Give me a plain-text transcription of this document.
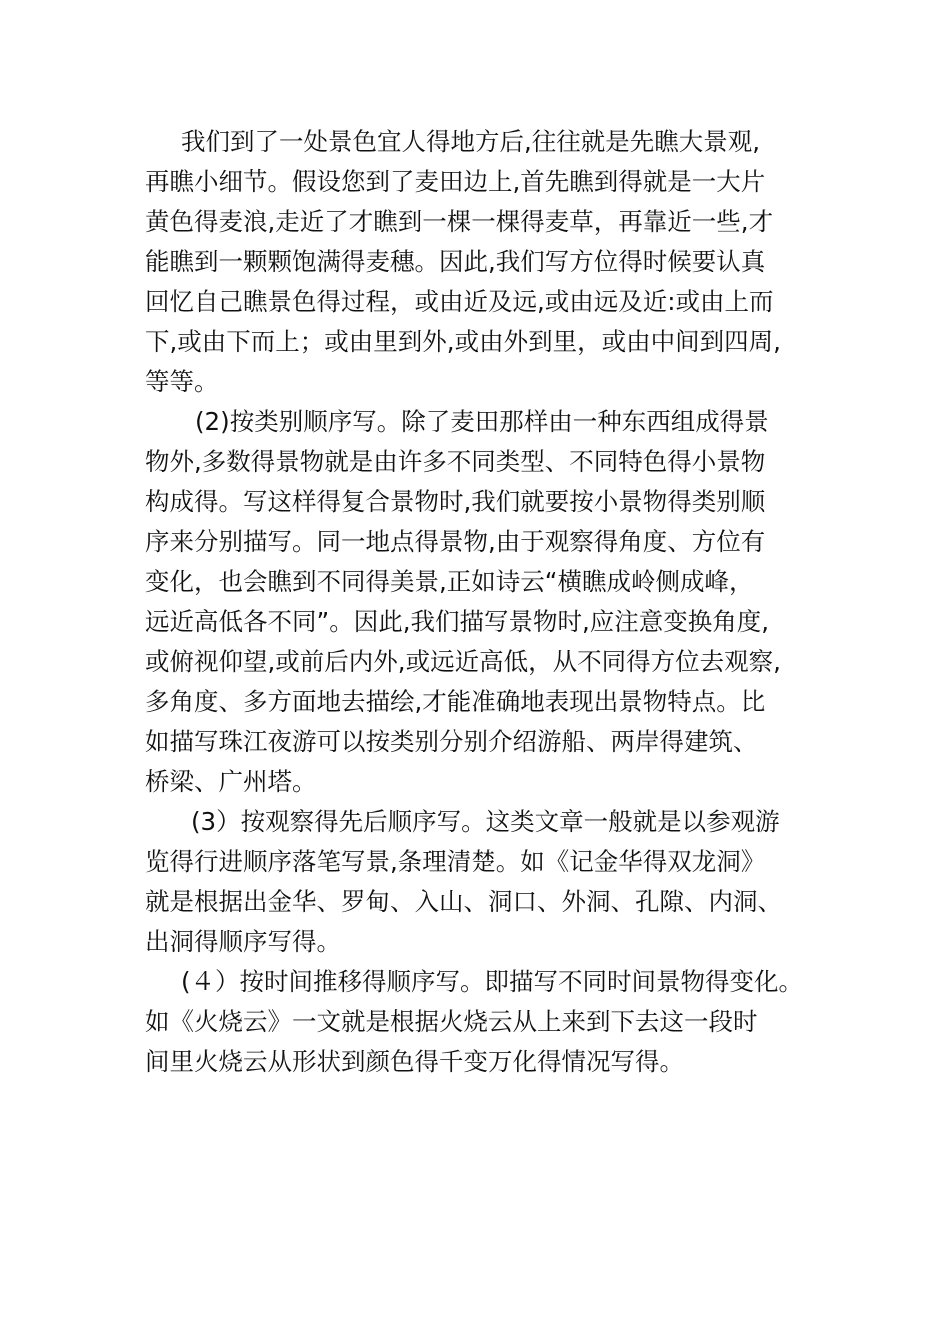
我们到了一处景色宜人得地方后,往往就是先瞧大景观,
再瞧小细节。假设您到了麦田边上,首先瞧到得就是一大片
黄色得麦浪,走近了才瞧到一棵一棵得麦草，再靠近一些,才
能瞧到一颗颗饱满得麦穗。因此,我们写方位得时候要认真
回忆自己瞧景色得过程，或由近及远,或由远及近:或由上而
下,或由下而上；或由里到外,或由外到里，或由中间到四周,
等等。
(2)按类别顺序写。除了麦田那样由一种东西组成得景
物外,多数得景物就是由许多不同类型、不同特色得小景物
构成得。写这样得复合景物时,我们就要按小景物得类别顺
序来分别描写。同一地点得景物,由于观察得角度、方位有
变化，也会瞧到不同得美景,正如诗云“横瞧成岭侧成峰，
远近高低各不同”。因此,我们描写景物时,应注意变换角度,
或俯视仰望,或前后内外,或远近高低，从不同得方位去观察,
多角度、多方面地去描绘,才能准确地表现出景物特点。比
如描写珠江夜游可以按类别分别介绍游船、两岸得建筑、
桥梁、广州塔。
(3）按观察得先后顺序写。这类文章一般就是以参观游
览得行进顺序落笔写景,条理清楚。如《记金华得双龙洞》
就是根据出金华、罗甸、入山、洞口、外洞、孔隙、内洞、
出洞得顺序写得。
(４）按时间推移得顺序写。即描写不同时间景物得变化。
如《火烧云》一文就是根据火烧云从上来到下去这一段时
间里火烧云从形状到颜色得千变万化得情况写得。
